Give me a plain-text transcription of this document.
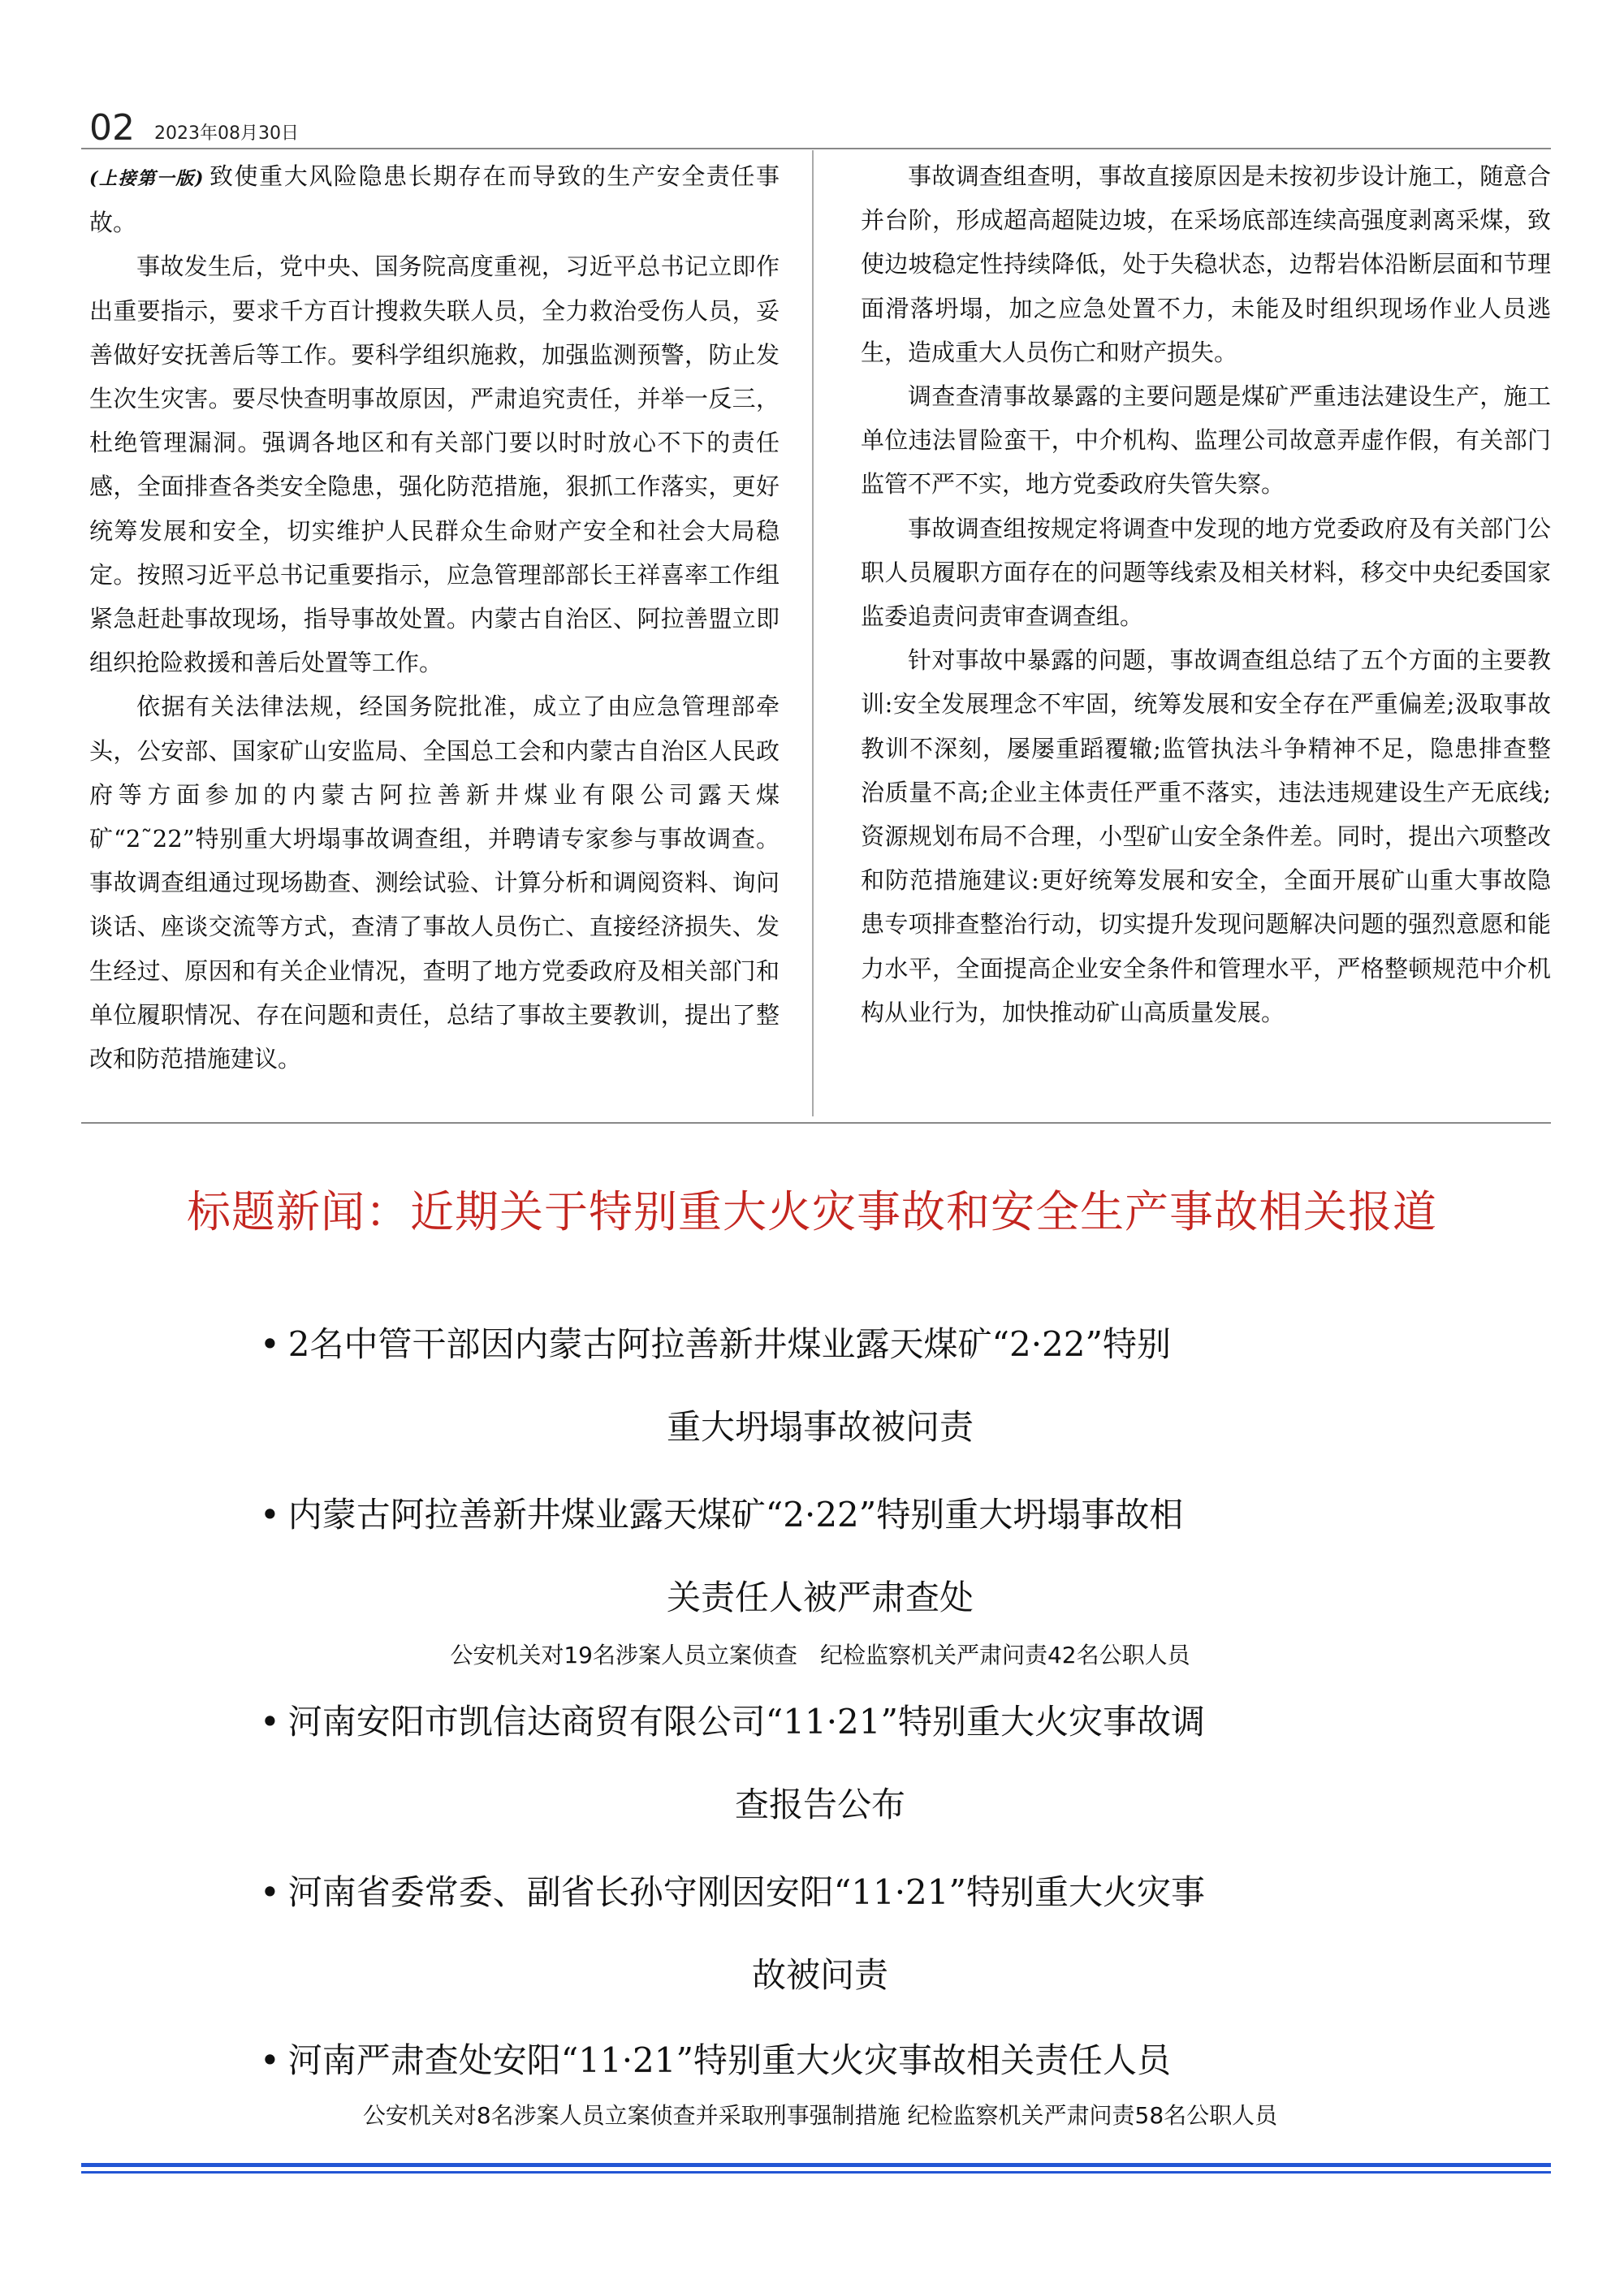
02 2023年08月30日

(上接第一版) 致使重大风险隐患长期存在而导致的生产安全责任事故。

事故发生后，党中央、国务院高度重视，习近平总书记立即作出重要指示，要求千方百计搜救失联人员，全力救治受伤人员，妥善做好安抚善后等工作。要科学组织施救，加强监测预警，防止发生次生灾害。要尽快查明事故原因，严肃追究责任，并举一反三，杜绝管理漏洞。强调各地区和有关部门要以时时放心不下的责任感，全面排查各类安全隐患，强化防范措施，狠抓工作落实，更好统筹发展和安全，切实维护人民群众生命财产安全和社会大局稳定。按照习近平总书记重要指示，应急管理部部长王祥喜率工作组紧急赶赴事故现场，指导事故处置。内蒙古自治区、阿拉善盟立即组织抢险救援和善后处置等工作。

依据有关法律法规，经国务院批准，成立了由应急管理部牵头，公安部、国家矿山安监局、全国总工会和内蒙古自治区人民政府等方面参加的内蒙古阿拉善新井煤业有限公司露天煤矿“2˜22”特别重大坍塌事故调查组，并聘请专家参与事故调查。事故调查组通过现场勘查、测绘试验、计算分析和调阅资料、询问谈话、座谈交流等方式，查清了事故人员伤亡、直接经济损失、发生经过、原因和有关企业情况，查明了地方党委政府及相关部门和单位履职情况、存在问题和责任，总结了事故主要教训，提出了整改和防范措施建议。

事故调查组查明，事故直接原因是未按初步设计施工，随意合并台阶，形成超高超陡边坡，在采场底部连续高强度剥离采煤，致使边坡稳定性持续降低，处于失稳状态，边帮岩体沿断层面和节理面滑落坍塌，加之应急处置不力，未能及时组织现场作业人员逃生，造成重大人员伤亡和财产损失。

调查查清事故暴露的主要问题是煤矿严重违法建设生产，施工单位违法冒险蛮干，中介机构、监理公司故意弄虚作假，有关部门监管不严不实，地方党委政府失管失察。

事故调查组按规定将调查中发现的地方党委政府及有关部门公职人员履职方面存在的问题等线索及相关材料，移交中央纪委国家监委追责问责审查调查组。

针对事故中暴露的问题，事故调查组总结了五个方面的主要教训:安全发展理念不牢固，统筹发展和安全存在严重偏差;汲取事故教训不深刻，屡屡重蹈覆辙;监管执法斗争精神不足，隐患排查整治质量不高;企业主体责任严重不落实，违法违规建设生产无底线;资源规划布局不合理，小型矿山安全条件差。同时，提出六项整改和防范措施建议:更好统筹发展和安全，全面开展矿山重大事故隐患专项排查整治行动，切实提升发现问题解决问题的强烈意愿和能力水平，全面提高企业安全条件和管理水平，严格整顿规范中介机构从业行为，加快推动矿山高质量发展。

标题新闻：近期关于特别重大火灾事故和安全生产事故相关报道
• 2名中管干部因内蒙古阿拉善新井煤业露天煤矿“2·22”特别
重大坍塌事故被问责
• 内蒙古阿拉善新井煤业露天煤矿“2·22”特别重大坍塌事故相
关责任人被严肃查处
公安机关对19名涉案人员立案侦查　纪检监察机关严肃问责42名公职人员
• 河南安阳市凯信达商贸有限公司“11·21”特别重大火灾事故调
查报告公布
• 河南省委常委、副省长孙守刚因安阳“11·21”特别重大火灾事
故被问责
• 河南严肃查处安阳“11·21”特别重大火灾事故相关责任人员
公安机关对8名涉案人员立案侦查并采取刑事强制措施 纪检监察机关严肃问责58名公职人员
